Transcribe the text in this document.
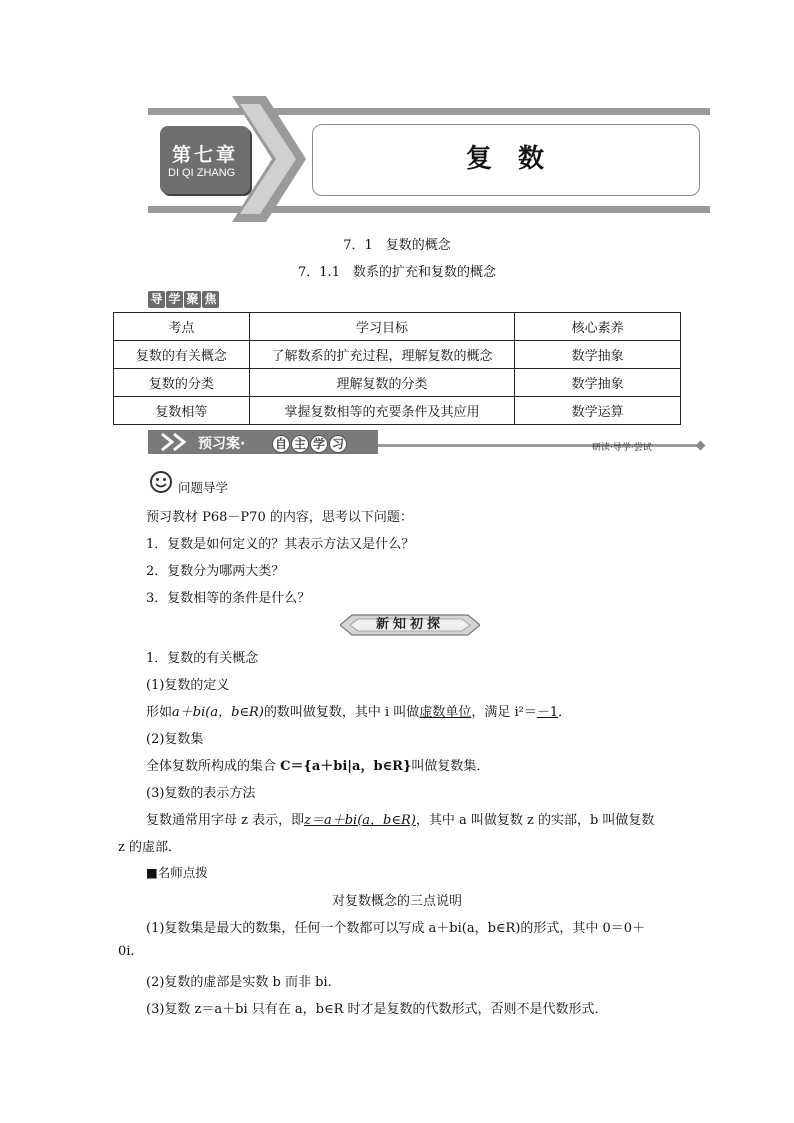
第七章
DI QI ZHANG	复数
7．1　复数的概念
7．1.1　数系的扩充和复数的概念
导 学 聚 焦
考点	学习目标	核心素养
复数的有关概念	了解数系的扩充过程，理解复数的概念	数学抽象
复数的分类	理解复数的分类	数学抽象
复数相等	掌握复数相等的充要条件及其应用	数学运算
预习案· 自 主 学 习	研读·导学·尝试
问题导学
预习教材 P68－P70 的内容，思考以下问题：
1．复数是如何定义的？其表示方法又是什么？
2．复数分为哪两大类？
3．复数相等的条件是什么？
新知初探
1．复数的有关概念
(1)复数的定义
形如a＋bi(a，b∈R)的数叫做复数，其中 i 叫做虚数单位，满足 i²＝－1．
(2)复数集
全体复数所构成的集合 C＝{a＋bi|a，b∈R}叫做复数集．
(3)复数的表示方法
复数通常用字母 z 表示，即z＝a＋bi(a，b∈R)，其中 a 叫做复数 z 的实部，b 叫做复数
z 的虚部．
■名师点拨
对复数概念的三点说明
(1)复数集是最大的数集，任何一个数都可以写成 a＋bi(a，b∈R)的形式，其中 0＝0＋
0i.
(2)复数的虚部是实数 b 而非 bi.
(3)复数 z＝a＋bi 只有在 a，b∈R 时才是复数的代数形式，否则不是代数形式．
